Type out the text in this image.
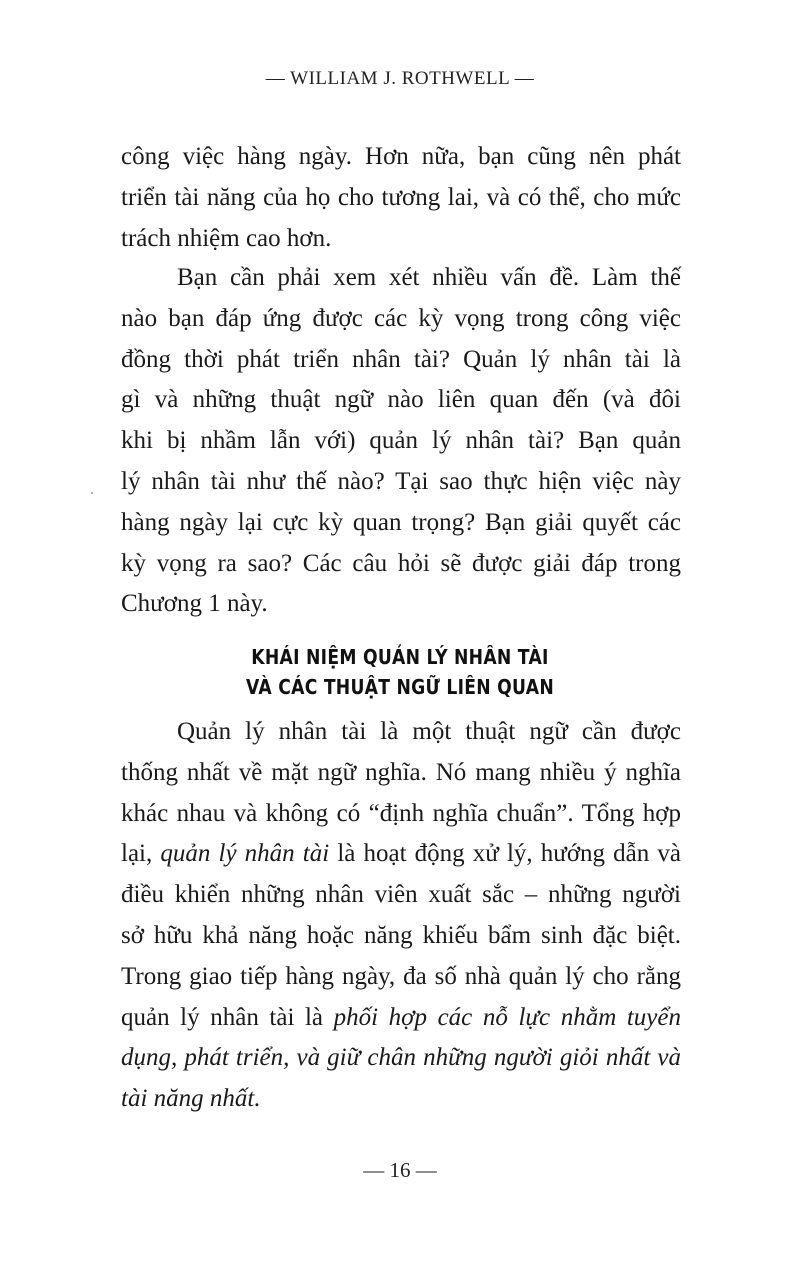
— WILLIAM J. ROTHWELL —
công việc hàng ngày. Hơn nữa, bạn cũng nên phát
triển tài năng của họ cho tương lai, và có thể, cho mức
trách nhiệm cao hơn.
Bạn cần phải xem xét nhiều vấn đề. Làm thế
nào bạn đáp ứng được các kỳ vọng trong công việc
đồng thời phát triển nhân tài? Quản lý nhân tài là
gì và những thuật ngữ nào liên quan đến (và đôi
khi bị nhầm lẫn với) quản lý nhân tài? Bạn quản
lý nhân tài như thế nào? Tại sao thực hiện việc này
hàng ngày lại cực kỳ quan trọng? Bạn giải quyết các
kỳ vọng ra sao? Các câu hỏi sẽ được giải đáp trong
Chương 1 này.
KHÁI NIỆM QUẢN LÝ NHÂN TÀI
VÀ CÁC THUẬT NGỮ LIÊN QUAN
Quản lý nhân tài là một thuật ngữ cần được
thống nhất về mặt ngữ nghĩa. Nó mang nhiều ý nghĩa
khác nhau và không có “định nghĩa chuẩn”. Tổng hợp
lại, quản lý nhân tài là hoạt động xử lý, hướng dẫn và
điều khiển những nhân viên xuất sắc – những người
sở hữu khả năng hoặc năng khiếu bẩm sinh đặc biệt.
Trong giao tiếp hàng ngày, đa số nhà quản lý cho rằng
quản lý nhân tài là phối hợp các nỗ lực nhằm tuyển
dụng, phát triển, và giữ chân những người giỏi nhất và
tài năng nhất.
— 16 —
